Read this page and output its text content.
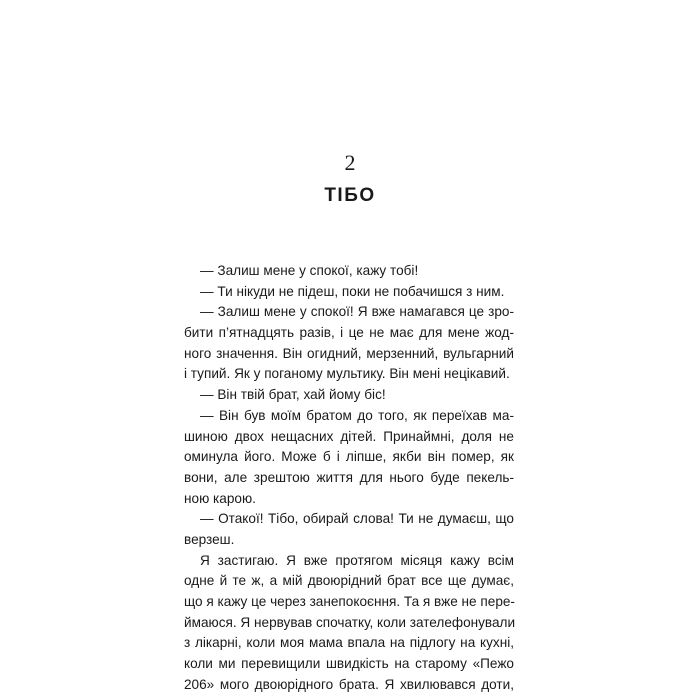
2
ТІБО
— Залиш мене у спокої, кажу тобі!
— Ти нікуди не підеш, поки не побачишся з ним.
— Залиш мене у спокої! Я вже намагався це зро-
бити п’ятнадцять разів, і це не має для мене жод-
ного значення. Він огидний, мерзенний, вульгарний
і тупий. Як у поганому мультику. Він мені нецікавий.
— Він твій брат, хай йому біс!
— Він був моїм братом до того, як переїхав ма-
шиною двох нещасних дітей. Принаймні, доля не
оминула його. Може б і ліпше, якби він помер, як
вони, але зрештою життя для нього буде пекель-
ною карою.
— Отакої! Тібо, обирай слова! Ти не думаєш, що
верзеш.
Я застигаю. Я вже протягом місяця кажу всім
одне й те ж, а мій двоюрідний брат все ще думає,
що я кажу це через занепокоєння. Та я вже не пере-
ймаюся. Я нервував спочатку, коли зателефонували
з лікарні, коли моя мама впала на підлогу на кухні,
коли ми перевищили швидкість на старому «Пежо
206» мого двоюрідного брата. Я хвилювався доти,
